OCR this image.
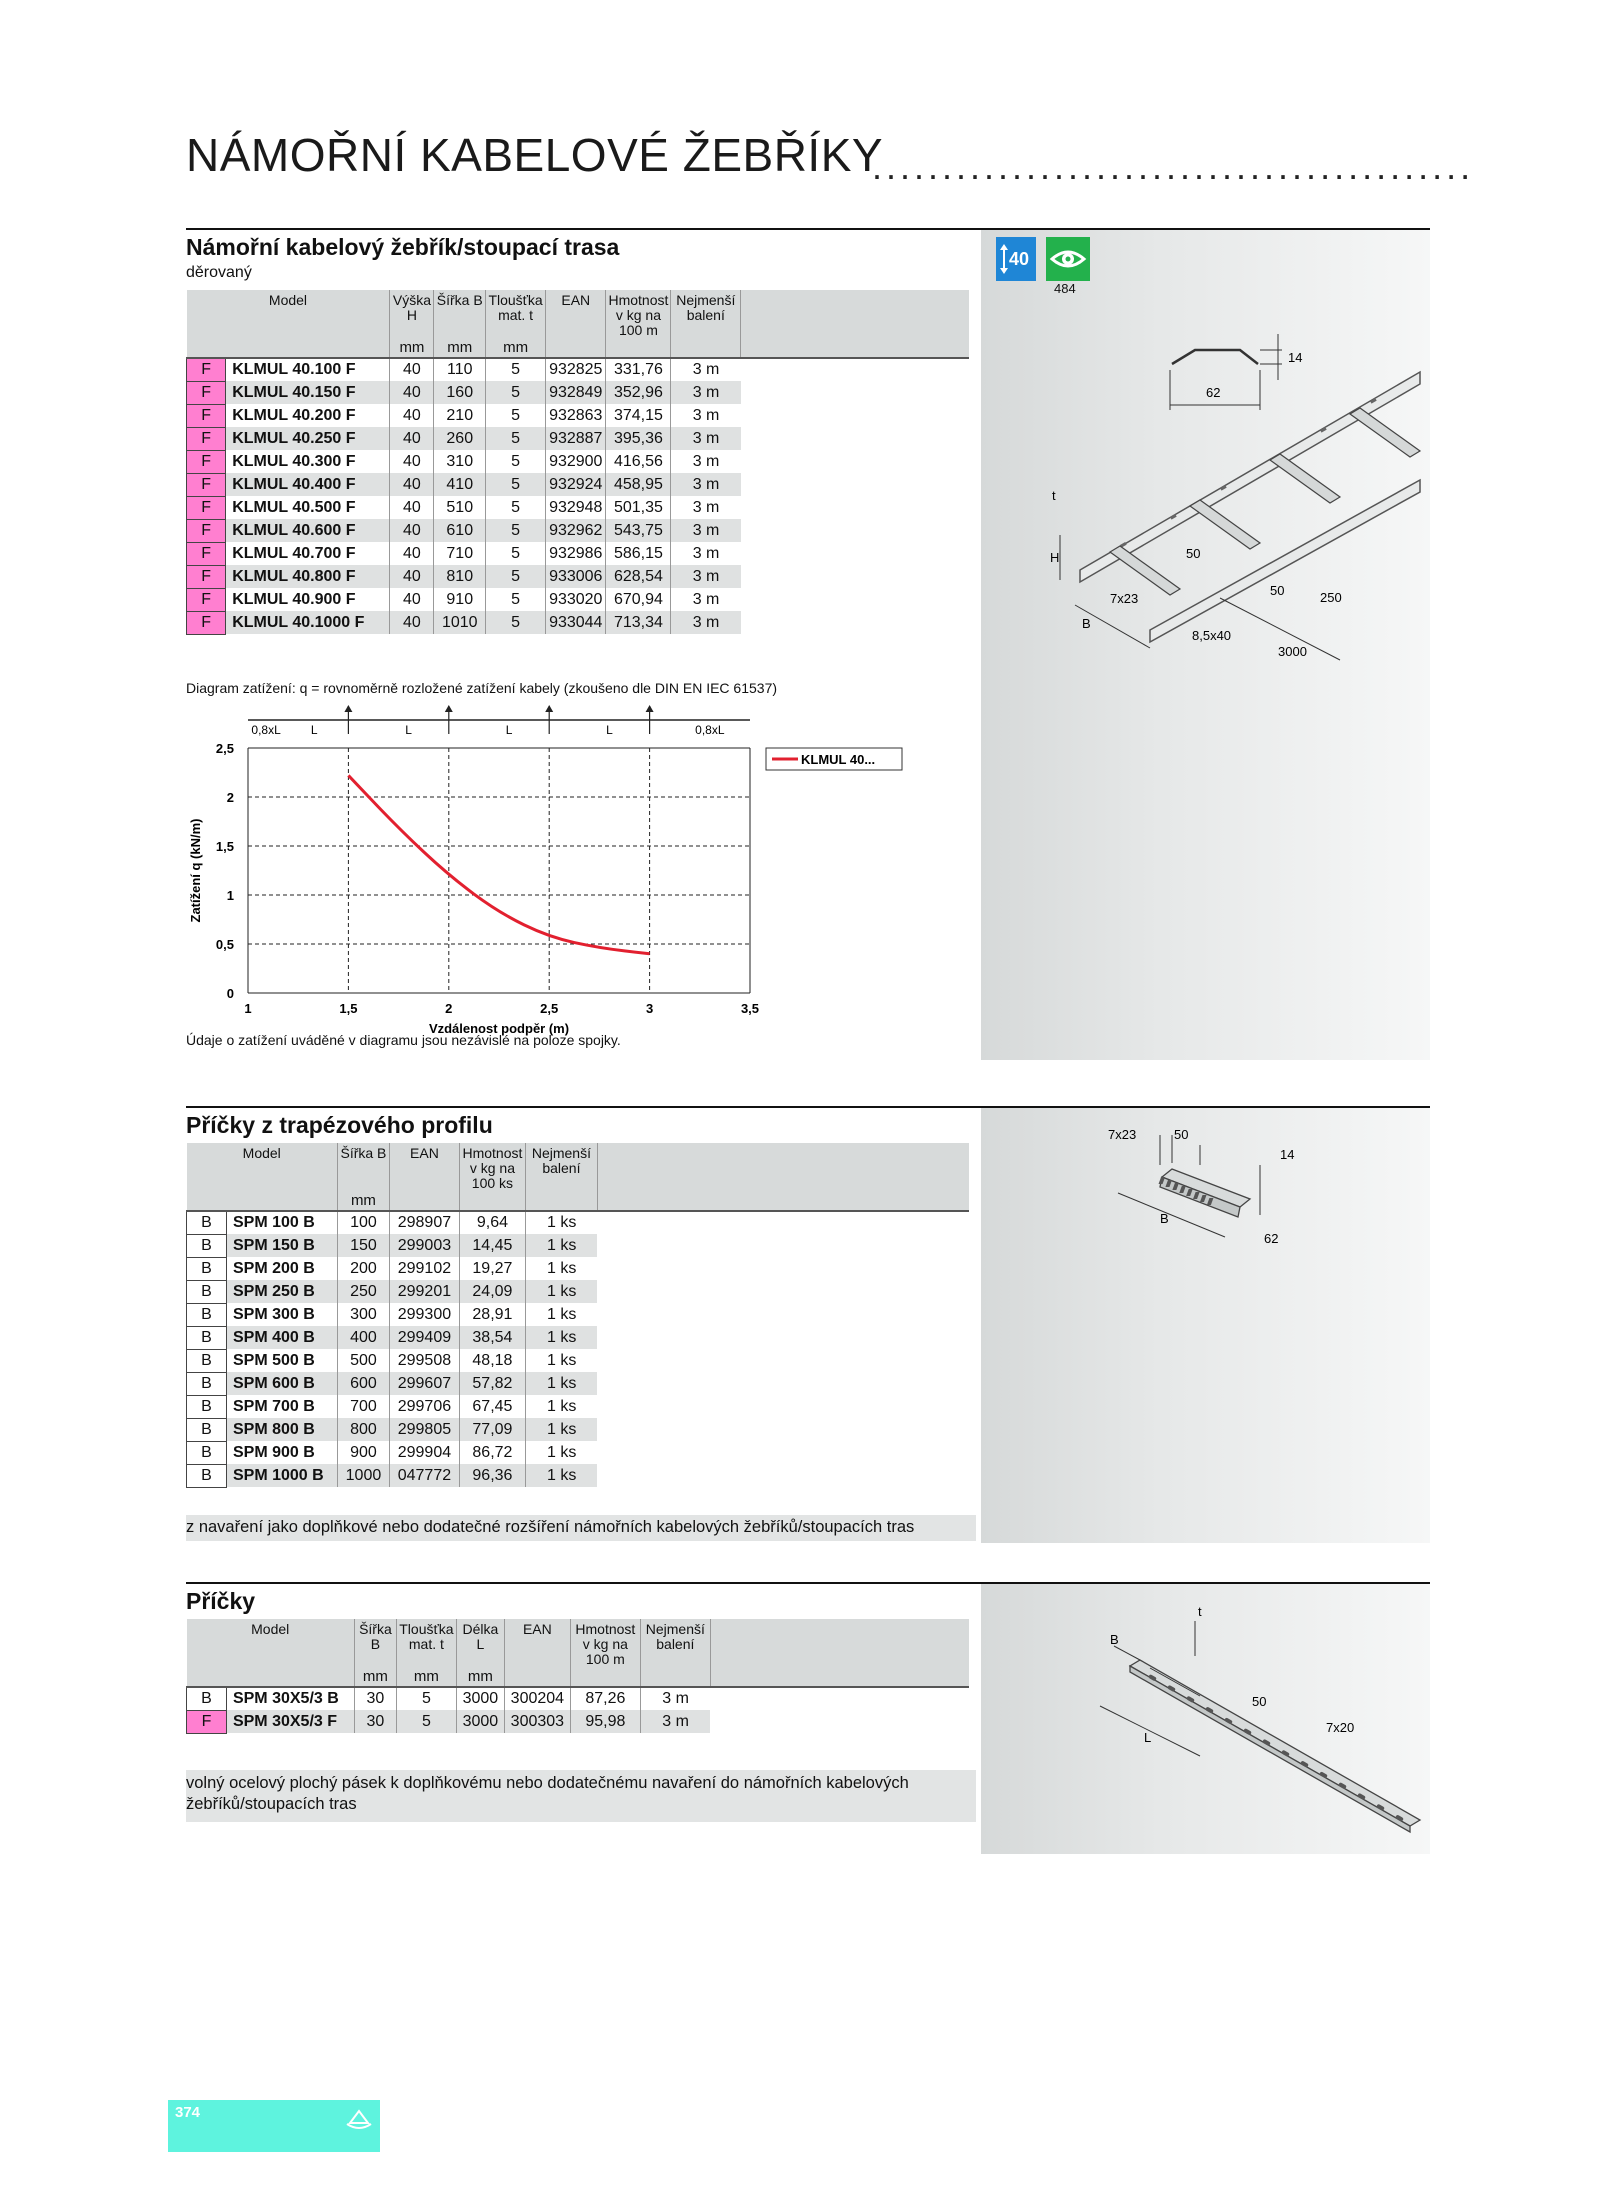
NÁMOŘNÍ KABELOVÉ ŽEBŘÍKY
...........................................
Námořní kabelový žebřík/stoupací trasa
děrovaný
40
484
Model		Výška H	Šířka B	Tloušťka mat. t	EAN	Hmotnost v kg na 100 m	Nejmenší balení	
		mm	mm	mm				
F	KLMUL 40.100 F	40	110	5	932825	331,76	3 m	
F	KLMUL 40.150 F	40	160	5	932849	352,96	3 m	
F	KLMUL 40.200 F	40	210	5	932863	374,15	3 m	
F	KLMUL 40.250 F	40	260	5	932887	395,36	3 m	
F	KLMUL 40.300 F	40	310	5	932900	416,56	3 m	
F	KLMUL 40.400 F	40	410	5	932924	458,95	3 m	
F	KLMUL 40.500 F	40	510	5	932948	501,35	3 m	
F	KLMUL 40.600 F	40	610	5	932962	543,75	3 m	
F	KLMUL 40.700 F	40	710	5	932986	586,15	3 m	
F	KLMUL 40.800 F	40	810	5	933006	628,54	3 m	
F	KLMUL 40.900 F	40	910	5	933020	670,94	3 m	
F	KLMUL 40.1000 F	40	1010	5	933044	713,34	3 m	
14
62
t
H	50
7x23
50	250
B
8,5x40
3000
Diagram zatížení: q = rovnoměrně rozložené zatížení kabely (zkoušeno dle DIN EN IEC 61537)
0,8xL	L	L	L	L	0,8xL
0
0,5
1
1,5
2
2,5
1	1,5	2	2,5	3	3,5
Zatížení q (kN/m)
Vzdálenost podpěr (m)
KLMUL 40...
Údaje o zatížení uváděné v diagramu jsou nezávislé na poloze spojky.
Příčky z trapézového profilu
Model		Šířka B	EAN	Hmotnost v kg na 100 ks	Nejmenší balení	
		mm				
B	SPM 100 B	100	298907	9,64	1 ks	
B	SPM 150 B	150	299003	14,45	1 ks	
B	SPM 200 B	200	299102	19,27	1 ks	
B	SPM 250 B	250	299201	24,09	1 ks	
B	SPM 300 B	300	299300	28,91	1 ks	
B	SPM 400 B	400	299409	38,54	1 ks	
B	SPM 500 B	500	299508	48,18	1 ks	
B	SPM 600 B	600	299607	57,82	1 ks	
B	SPM 700 B	700	299706	67,45	1 ks	
B	SPM 800 B	800	299805	77,09	1 ks	
B	SPM 900 B	900	299904	86,72	1 ks	
B	SPM 1000 B	1000	047772	96,36	1 ks	
z navaření jako doplňkové nebo dodatečné rozšíření námořních kabelových žebříků/stoupacích tras
7x23	50
14
B
62
Příčky
Model		Šířka B	Tloušťka mat. t	Délka L	EAN	Hmotnost v kg na 100 m	Nejmenší balení	
		mm	mm	mm				
B	SPM 30X5/3 B	30	5	3000	300204	87,26	3 m	
F	SPM 30X5/3 F	30	5	3000	300303	95,98	3 m	
volný ocelový plochý pásek k doplňkovému nebo dodatečnému navaření do námořních kabelových žebříků/stoupacích tras
t
B
50
L
7x20
374
